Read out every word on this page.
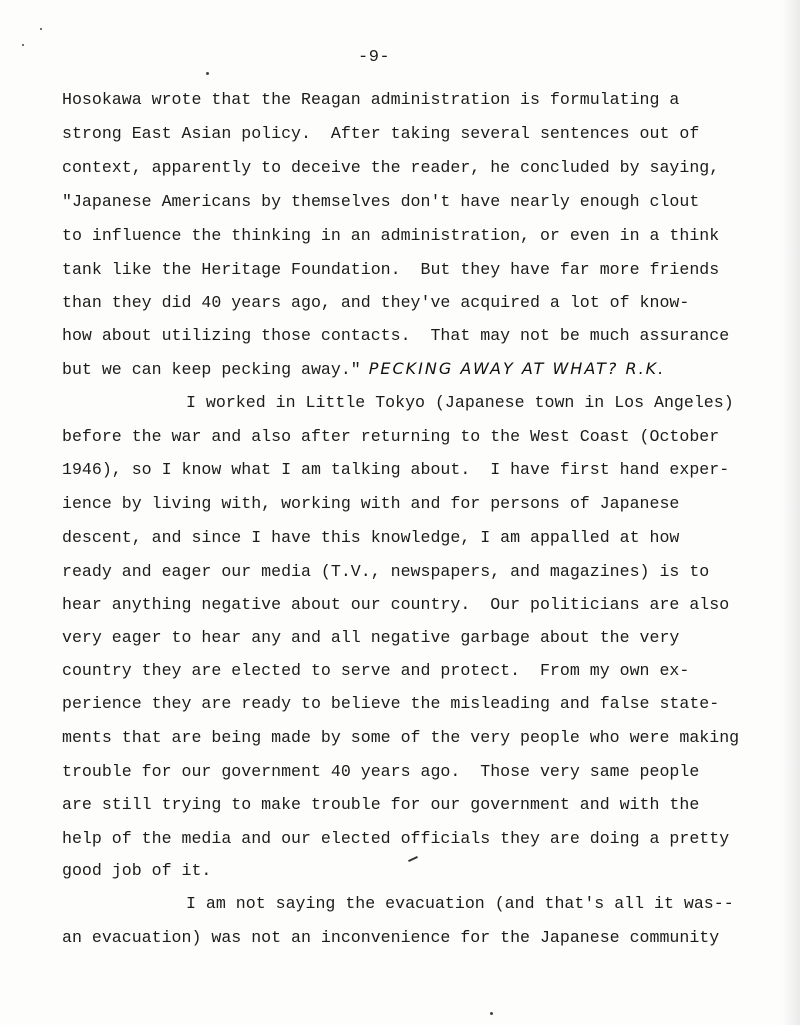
-9-
Hosokawa wrote that the Reagan administration is formulating a
strong East Asian policy.  After taking several sentences out of
context, apparently to deceive the reader, he concluded by saying,
"Japanese Americans by themselves don't have nearly enough clout
to influence the thinking in an administration, or even in a think
tank like the Heritage Foundation.  But they have far more friends
than they did 40 years ago, and they've acquired a lot of know-
how about utilizing those contacts.  That may not be much assurance
but we can keep pecking away." PECKING AWAY AT WHAT? R.K.
I worked in Little Tokyo (Japanese town in Los Angeles)
before the war and also after returning to the West Coast (October
1946), so I know what I am talking about.  I have first hand exper-
ience by living with, working with and for persons of Japanese
descent, and since I have this knowledge, I am appalled at how
ready and eager our media (T.V., newspapers, and magazines) is to
hear anything negative about our country.  Our politicians are also
very eager to hear any and all negative garbage about the very
country they are elected to serve and protect.  From my own ex-
perience they are ready to believe the misleading and false state-
ments that are being made by some of the very people who were making
trouble for our government 40 years ago.  Those very same people
are still trying to make trouble for our government and with the
help of the media and our elected officials they are doing a pretty
good job of it.
I am not saying the evacuation (and that's all it was--
an evacuation) was not an inconvenience for the Japanese community
